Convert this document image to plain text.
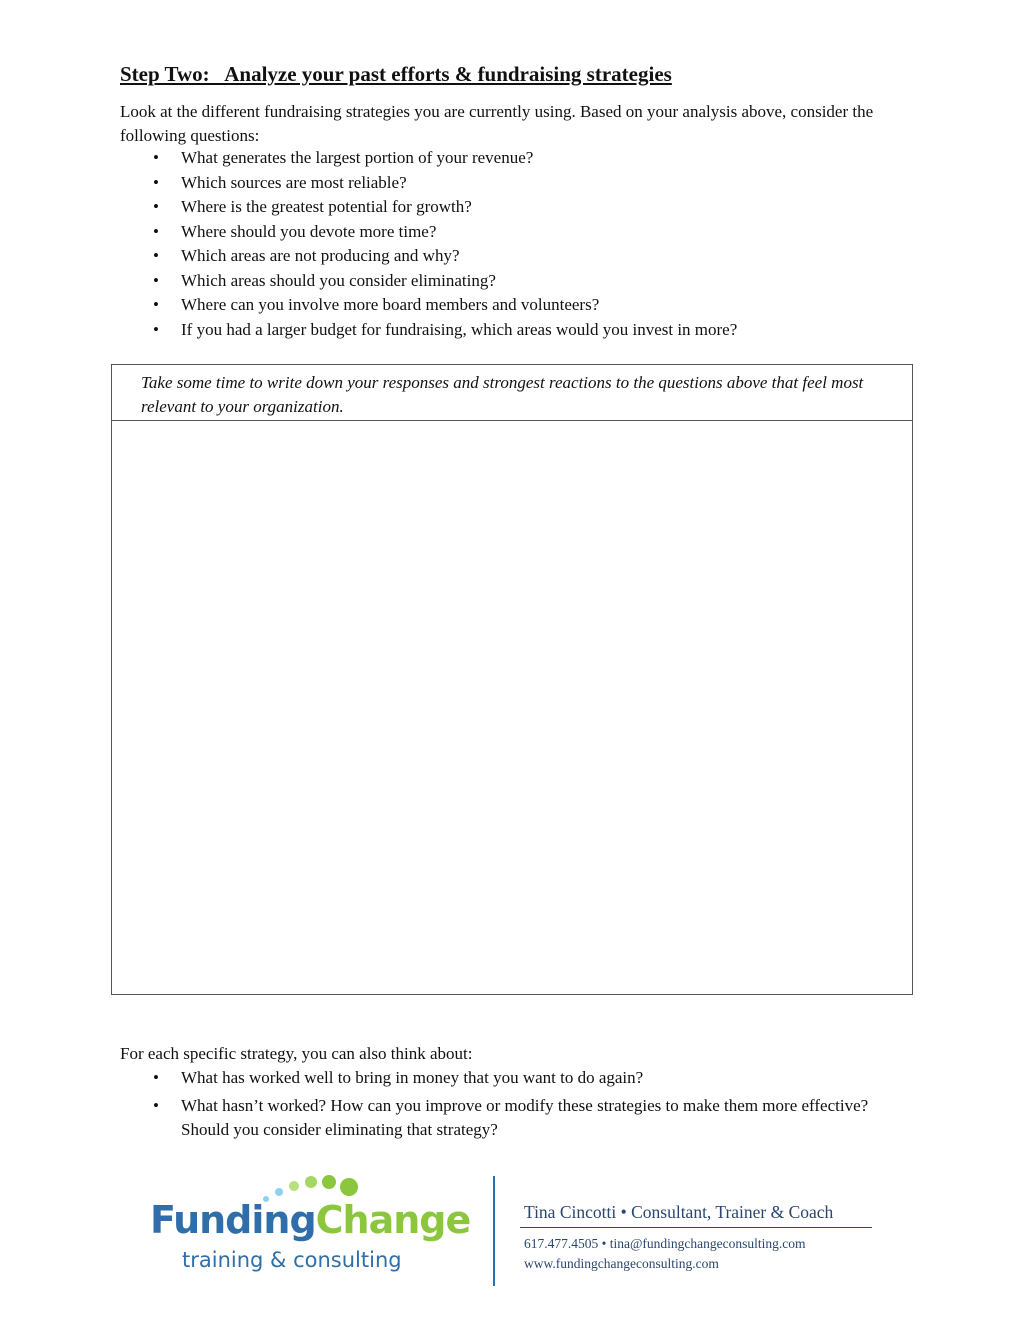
Step Two:   Analyze your past efforts & fundraising strategies

Look at the different fundraising strategies you are currently using. Based on your analysis above, consider the following questions:

• What generates the largest portion of your revenue?
• Which sources are most reliable?
• Where is the greatest potential for growth?
• Where should you devote more time?
• Which areas are not producing and why?
• Which areas should you consider eliminating?
• Where can you involve more board members and volunteers?
• If you had a larger budget for fundraising, which areas would you invest in more?
Take some time to write down your responses and strongest reactions to the questions above that feel most relevant to your organization.

For each specific strategy, you can also think about:

• What has worked well to bring in money that you want to do again?
• What hasn’t worked? How can you improve or modify these strategies to make them more effective? Should you consider eliminating that strategy?
FundingChange
training & consulting
Tina Cincotti • Consultant, Trainer & Coach
617.477.4505 • tina@fundingchangeconsulting.com
www.fundingchangeconsulting.com
